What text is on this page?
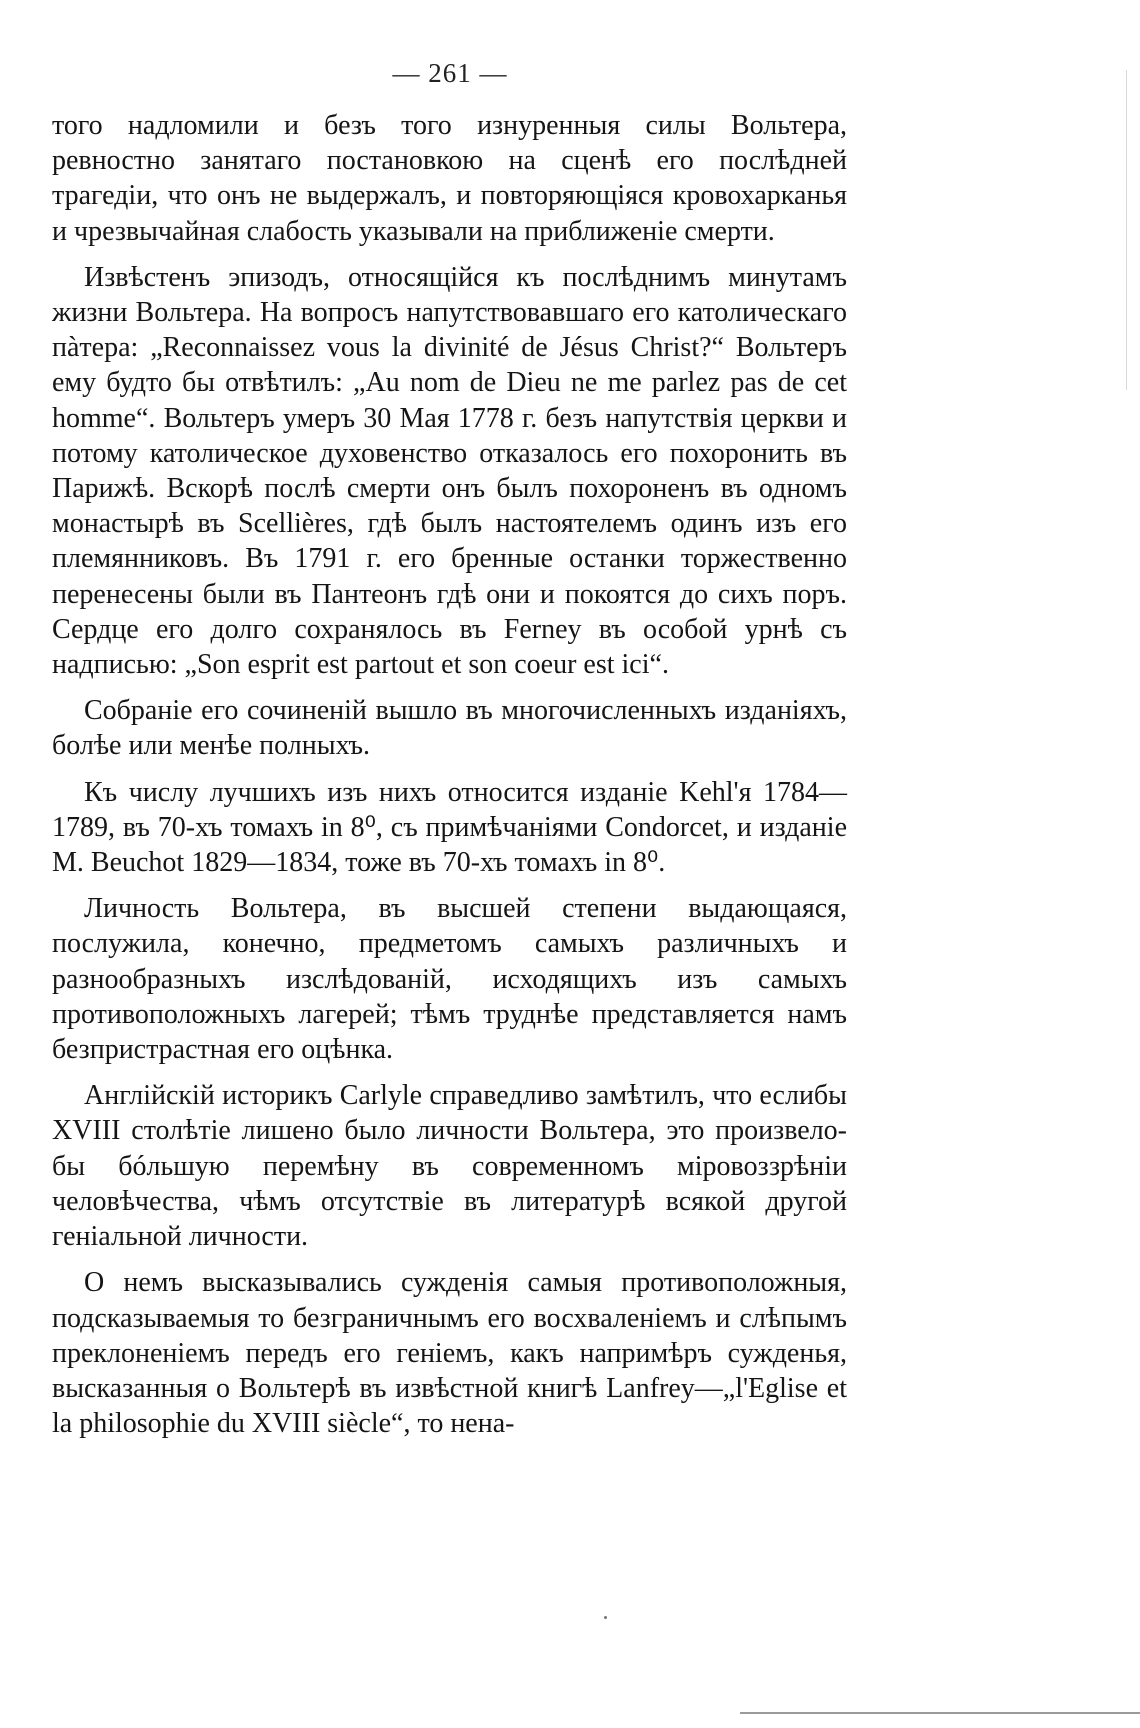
— 261 —

того надломили и безъ того изнуренныя силы Вольтера, ревностно занятаго постановкою на сценѣ его послѣдней трагедіи, что онъ не выдержалъ, и повторяющіяся кровохарканья и чрезвычайная слабость указывали на приближеніе смерти.

Извѣстенъ эпизодъ, относящійся къ послѣднимъ минутамъ жизни Вольтера. На вопросъ напутствовавшаго его католическаго пàтера: „Reconnaissez vous la divinité de Jésus Christ?“ Вольтеръ ему будто бы отвѣтилъ: „Au nom de Dieu ne me parlez pas de cet homme“. Вольтеръ умеръ 30 Мая 1778 г. безъ напутствія церкви и потому католическое духовенство отказалось его похоронить въ Парижѣ. Вскорѣ послѣ смерти онъ былъ похороненъ въ одномъ монастырѣ въ Scellières, гдѣ былъ настоятелемъ одинъ изъ его племянниковъ. Въ 1791 г. его бренные останки торжественно перенесены были въ Пантеонъ гдѣ они и покоятся до сихъ поръ. Сердце его долго сохранялось въ Ferney въ особой урнѣ съ надписью: „Son esprit est partout et son coeur est ici“.

Собраніе его сочиненій вышло въ многочисленныхъ изданіяхъ, болѣе или менѣе полныхъ.

Къ числу лучшихъ изъ нихъ относится изданіе Kehl'я 1784—1789, въ 70-хъ томахъ in 8⁰, съ примѣчаніями Condorcet, и изданіе M. Beuchot 1829—1834, тоже въ 70-хъ томахъ in 8⁰.

Личность Вольтера, въ высшей степени выдающаяся, послужила, конечно, предметомъ самыхъ различныхъ и разнообразныхъ изслѣдованій, исходящихъ изъ самыхъ противоположныхъ лагерей; тѣмъ труднѣе представляется намъ безпристрастная его оцѣнка.

Англійскій историкъ Carlyle справедливо замѣтилъ, что еслибы XVIII столѣтіе лишено было личности Вольтера, это произвело-бы бóльшую перемѣну въ современномъ міровоззрѣніи человѣчества, чѣмъ отсутствіе въ литературѣ всякой другой геніальной личности.

О немъ высказывались сужденія самыя противоположныя, подсказываемыя то безграничнымъ его восхваленіемъ и слѣпымъ преклоненіемъ передъ его геніемъ, какъ напримѣръ сужденья, высказанныя о Вольтерѣ въ извѣстной книгѣ Lanfrey—„l'Eglise et la philosophie du XVIII siècle“, то нена-
